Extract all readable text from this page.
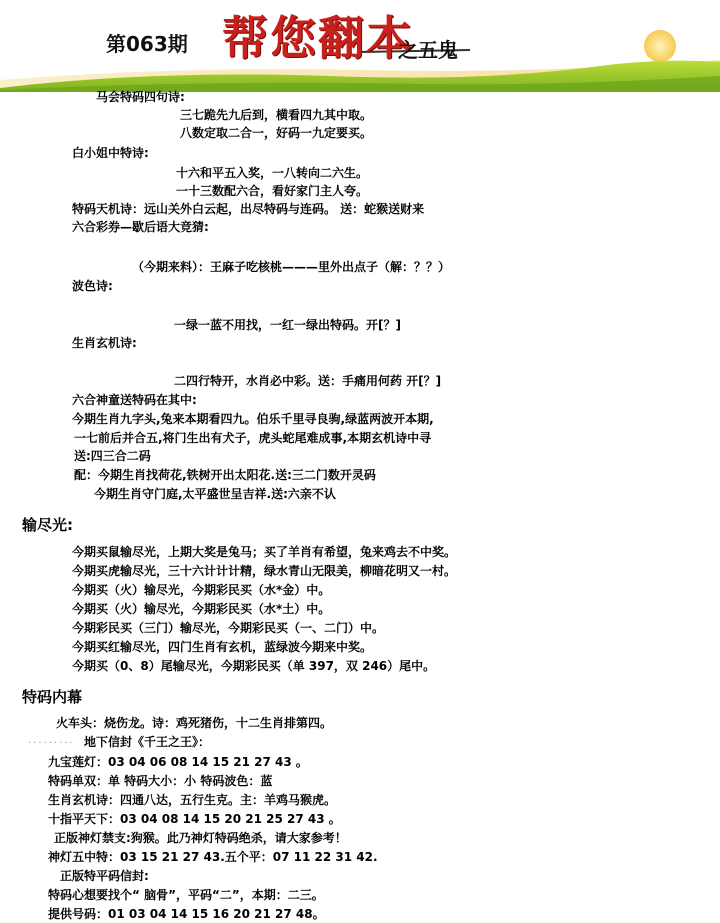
第063期 帮您翻本
之五鬼
马会特码四句诗:
三七跪先九后到，横看四九其中取。
八数定取二合一，好码一九定要买。
白小姐中特诗:
十六和平五入奖，一八转向二六生。
一十三数配六合，看好家门主人夸。
特码天机诗：远山关外白云起，出尽特码与连码。 送：蛇猴送财来
六合彩券—歇后语大竞猜:
（今期来料）：王麻子吃核桃———里外出点子（解：？？）
波色诗:
一绿一蓝不用找，一红一绿出特码。开[？]
生肖玄机诗:
二四行特开，水肖必中彩。送：手痛用何药 开[？]
六合神童送特码在其中:
今期生肖九字头,兔来本期看四九。伯乐千里寻良驹,绿蓝两波开本期,
一七前后并合五,将门生出有犬子，虎头蛇尾难成事,本期玄机诗中寻
送:四三合二码
配：今期生肖找荷花,铁树开出太阳花.送:三二门数开灵码
今期生肖守门庭,太平盛世呈吉祥.送:六亲不认
输尽光:
今期买鼠输尽光，上期大奖是兔马；买了羊肖有希望，兔来鸡去不中奖。
今期买虎输尽光，三十六计计计精，绿水青山无限美，柳暗花明又一村。
今期买（火）输尽光，今期彩民买（水*金）中。
今期买（火）输尽光，今期彩民买（水*土）中。
今期彩民买（三门）输尽光，今期彩民买（一、二门）中。
今期买红输尽光，四门生肖有玄机，蓝绿波今期来中奖。
今期买（0、8）尾输尽光，今期彩民买（单 397，双 246）尾中。
特码内幕
火车头：烧伤龙。诗：鸡死猪伤，十二生肖排第四。
········· 地下信封《千王之王》：
九宝莲灯：03 04 06 08 14 15 21 27 43 。
特码单双：单 特码大小：小 特码波色：蓝
生肖玄机诗：四通八达，五行生克。主：羊鸡马猴虎。
十指平天下：03 04 08 14 15 20 21 25 27 43 。
正版神灯禁支:狗猴。此乃神灯特码绝杀，请大家参考！
神灯五中特：03 15 21 27 43.五个平：07 11 22 31 42.
正版特平码信封:
特码心想要找个“ 脑骨”，平码“二”，本期：二三。
提供号码：01 03 04 14 15 16 20 21 27 48。
